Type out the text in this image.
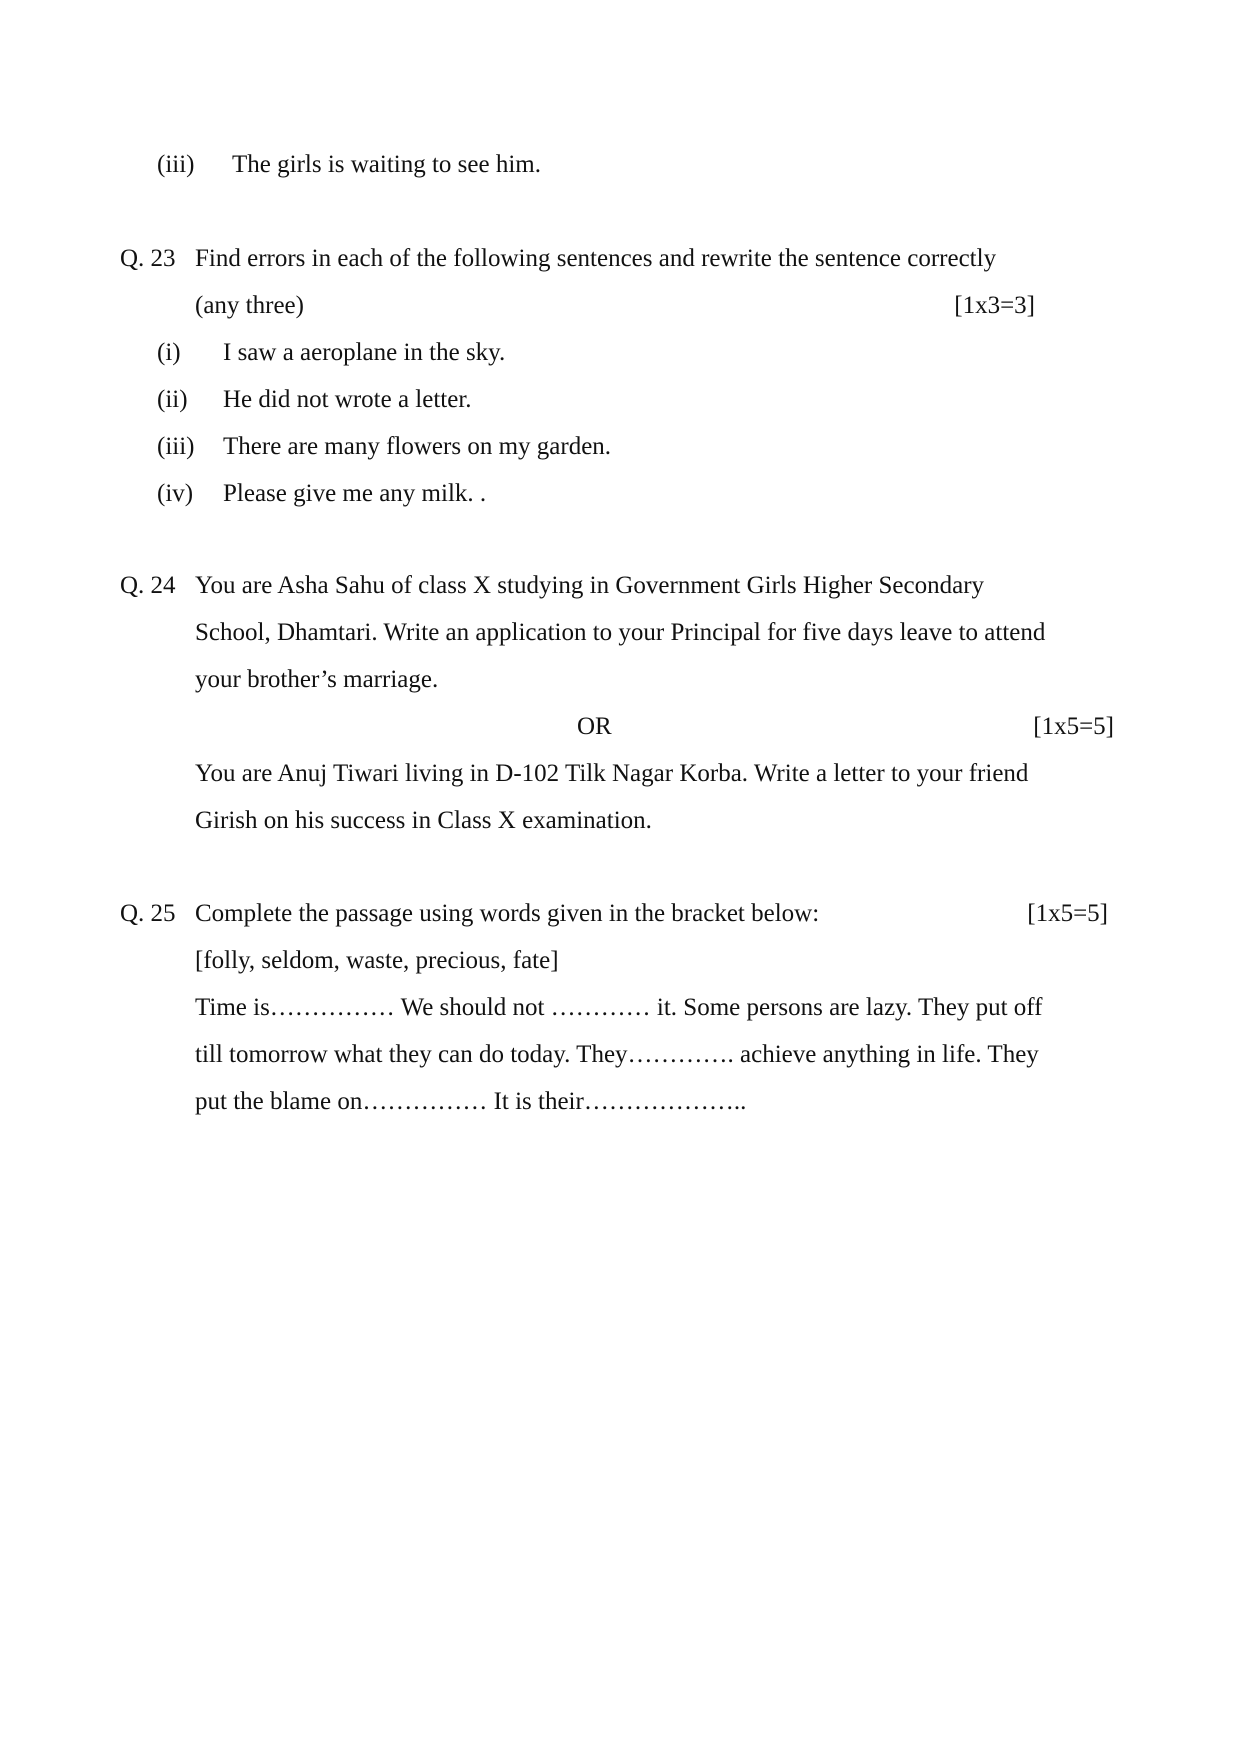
(iii) The girls is waiting to see him.
Q. 23 Find errors in each of the following sentences and rewrite the sentence correctly
(any three)	[1x3=3]
(i) I saw a aeroplane in the sky.
(ii) He did not wrote a letter.
(iii) There are many flowers on my garden.
(iv) Please give me any milk. .
Q. 24 You are Asha Sahu of class X studying in Government Girls Higher Secondary
School, Dhamtari. Write an application to your Principal for five days leave to attend
your brother’s marriage.
OR	[1x5=5]
You are Anuj Tiwari living in D-102 Tilk Nagar Korba. Write a letter to your friend
Girish on his success in Class X examination.
Q. 25 Complete the passage using words given in the bracket below:	[1x5=5]
[folly, seldom, waste, precious, fate]
Time is…………… We should not ………… it. Some persons are lazy. They put off
till tomorrow what they can do today. They…………. achieve anything in life. They
put the blame on…………… It is their………………..
